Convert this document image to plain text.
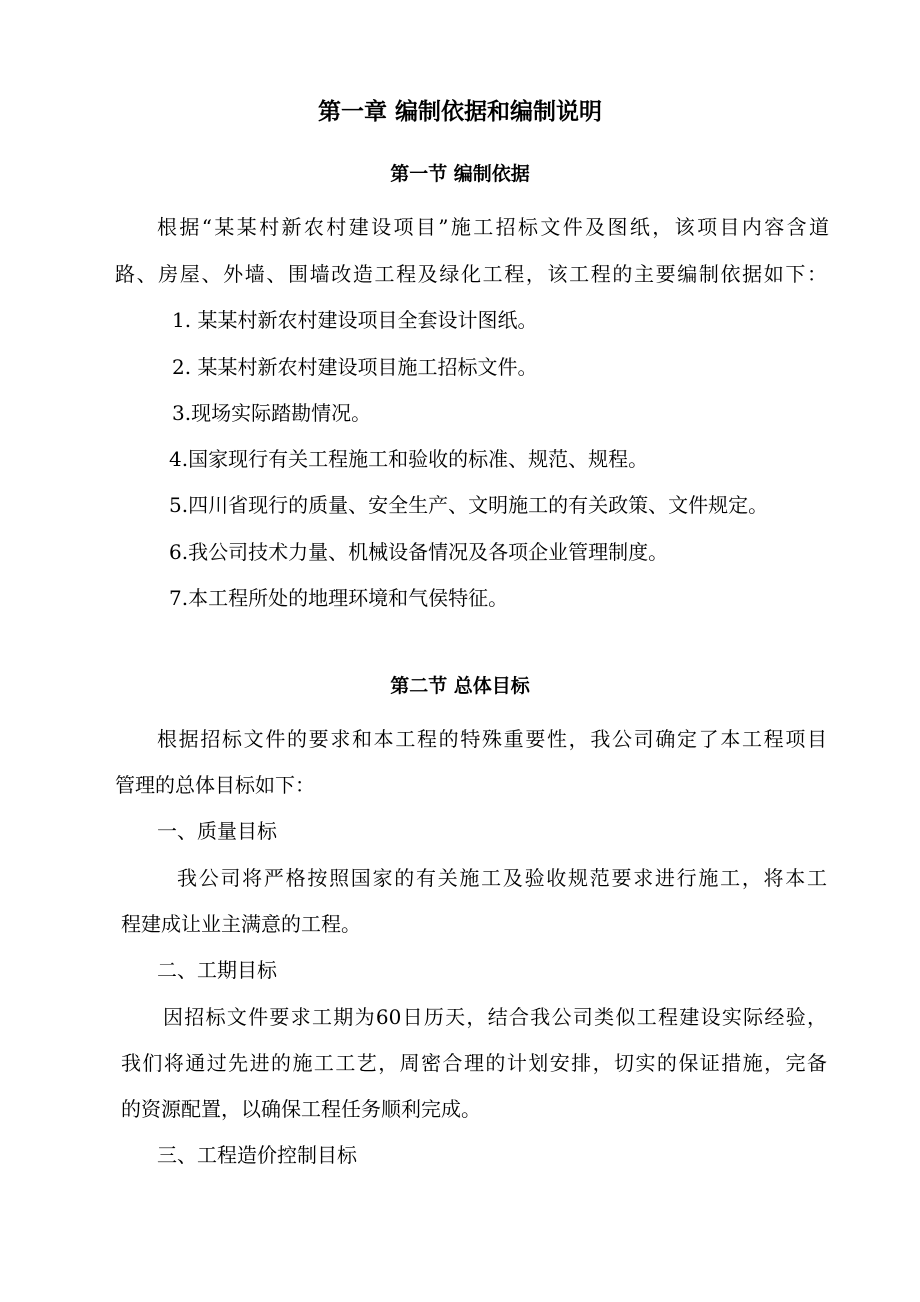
第一章 编制依据和编制说明
第一节 编制依据
根据“某某村新农村建设项目”施工招标文件及图纸，该项目内容含道
路、房屋、外墙、围墙改造工程及绿化工程，该工程的主要编制依据如下：
1. 某某村新农村建设项目全套设计图纸。
2. 某某村新农村建设项目施工招标文件。
3.现场实际踏勘情况。
4.国家现行有关工程施工和验收的标准、规范、规程。
5.四川省现行的质量、安全生产、文明施工的有关政策、文件规定。
6.我公司技术力量、机械设备情况及各项企业管理制度。
7.本工程所处的地理环境和气侯特征。
第二节 总体目标
根据招标文件的要求和本工程的特殊重要性，我公司确定了本工程项目
管理的总体目标如下：
一、质量目标
我公司将严格按照国家的有关施工及验收规范要求进行施工，将本工
程建成让业主满意的工程。
二、工期目标
因招标文件要求工期为60日历天，结合我公司类似工程建设实际经验，
我们将通过先进的施工工艺，周密合理的计划安排，切实的保证措施，完备
的资源配置，以确保工程任务顺利完成。
三、工程造价控制目标
